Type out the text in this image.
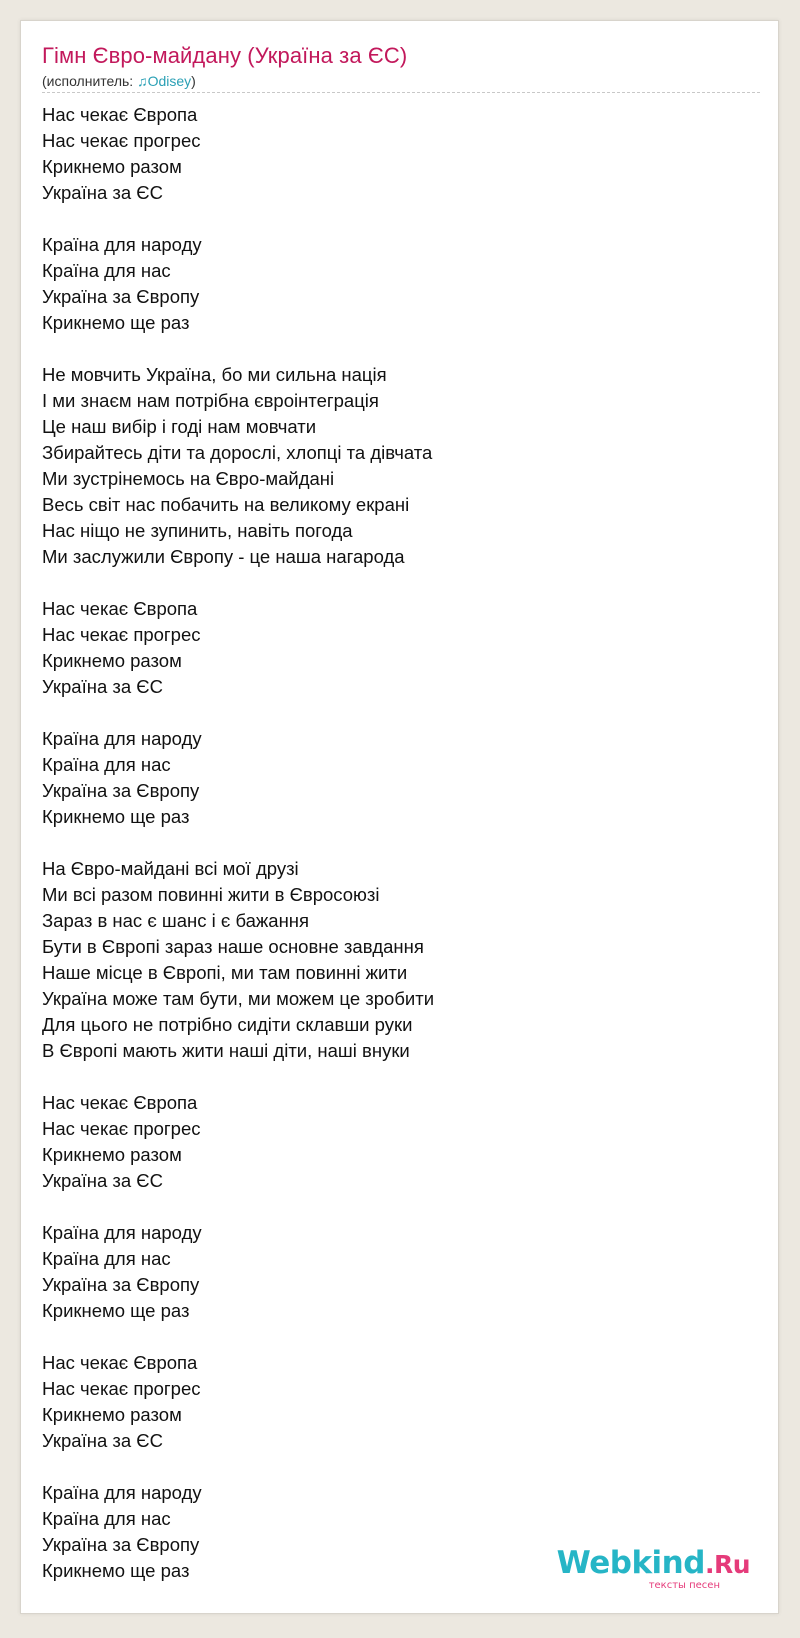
Гімн Євро-майдану (Україна за ЄС)
(исполнитель: ♫Odisey)
Нас чекає Європа
Нас чекає прогрес
Крикнемо разом
Україна за ЄС
Країна для народу
Країна для нас
Україна за Європу
Крикнемо ще раз
Не мовчить Україна, бо ми сильна нація
І ми знаєм нам потрібна євроінтеграція
Це наш вибір і годі нам мовчати
Збирайтесь діти та дорослі, хлопці та дівчата
Ми зустрінемось на Євро-майдані
Весь світ нас побачить на великому екрані
Нас ніщо не зупинить, навіть погода
Ми заслужили Європу - це наша нагарода
Нас чекає Європа
Нас чекає прогрес
Крикнемо разом
Україна за ЄС
Країна для народу
Країна для нас
Україна за Європу
Крикнемо ще раз
На Євро-майдані всі мої друзі
Ми всі разом повинні жити в Євросоюзі
Зараз в нас є шанс і є бажання
Бути в Європі зараз наше основне завдання
Наше місце в Європі, ми там повинні жити
Україна може там бути, ми можем це зробити
Для цього не потрібно сидіти склавши руки
В Європі мають жити наші діти, наші внуки
Нас чекає Європа
Нас чекає прогрес
Крикнемо разом
Україна за ЄС
Країна для народу
Країна для нас
Україна за Європу
Крикнемо ще раз
Нас чекає Європа
Нас чекає прогрес
Крикнемо разом
Україна за ЄС
Країна для народу
Країна для нас
Україна за Європу
Крикнемо ще раз	Webkind.Ru
тексты песен
